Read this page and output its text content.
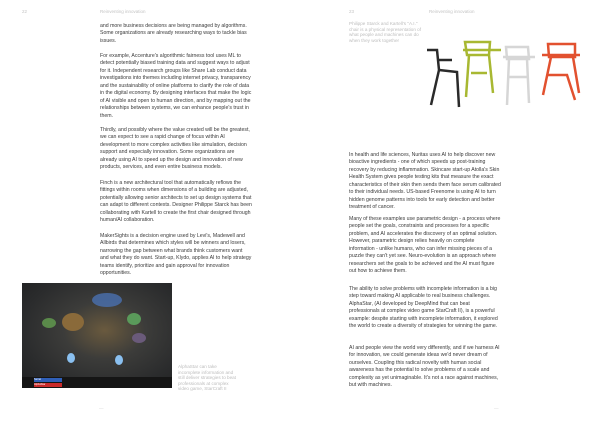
22	Reinventing innovation

and more business decisions are being managed by algorithms. Some organizations are already researching ways to tackle bias issues.

For example, Accenture's algorithmic fairness tool uses ML to detect potentially biased training data and suggest ways to adjust for it. Independent research groups like Share Lab conduct data investigations into themes including internet privacy, transparency and the sustainability of online platforms to clarify the role of data in the digital economy. By designing interfaces that make the logic of AI visible and open to human direction, and by mapping out the relationships between systems, we can enhance people's trust in them.

Thirdly, and possibly where the value created will be the greatest, we can expect to see a rapid change of focus within AI development to more complex activities like simulation, decision support and especially innovation. Some organizations are already using AI to speed up the design and innovation of new products, services, and even entire business models.

Finch is a new architectural tool that automatically reflows the fittings within rooms when dimensions of a building are adjusted, potentially allowing senior architects to set up design systems that can adapt to different contexts. Designer Philippe Starck has been collaborating with Kartell to create the first chair designed through human/AI collaboration.

MakerSights is a decision engine used by Levi's, Madewell and Allbirds that determines which styles will be winners and losers, narrowing the gap between what brands think customers want and what they do want. Start-up, Klydo, applies AI to help strategy teams identify, prioritize and gain approval for innovation opportunities.

Serral
AlphaStar

AlphaStar can take incomplete information and still deliver strategies to beat professionals at complex video game, StarCraft II

—
23	Reinventing innovation

Philippe Starck and Kartell's "A.I." chair is a physical representation of what people and machines can do when they work together

In health and life sciences, Nuritas uses AI to help discover new bioactive ingredients - one of which speeds up post-training recovery by reducing inflammation. Skincare start-up Atolla's Skin Health System gives people testing kits that measure the exact characteristics of their skin then sends them face serum calibrated to their individual needs. US-based Freenome is using AI to turn hidden genome patterns into tools for early detection and better treatment of cancer.

Many of these examples use parametric design - a process where people set the goals, constraints and processes for a specific problem, and AI accelerates the discovery of an optimal solution. However, parametric design relies heavily on complete information - unlike humans, who can infer missing pieces of a puzzle they can't yet see. Neuro-evolution is an approach where researchers set the goals to be achieved and the AI must figure out how to achieve them.

The ability to solve problems with incomplete information is a big step toward making AI applicable to real business challenges. AlphaStar, (AI developed by DeepMind that can beat professionals at complex video game StarCraft II), is a powerful example: despite starting with incomplete information, it explored the world to create a diversity of strategies for winning the game.

AI and people view the world very differently, and if we harness AI for innovation, we could generate ideas we'd never dream of ourselves. Coupling this radical novelty with human social awareness has the potential to solve problems of a scale and complexity as yet unimaginable. It's not a race against machines, but with machines.

—
